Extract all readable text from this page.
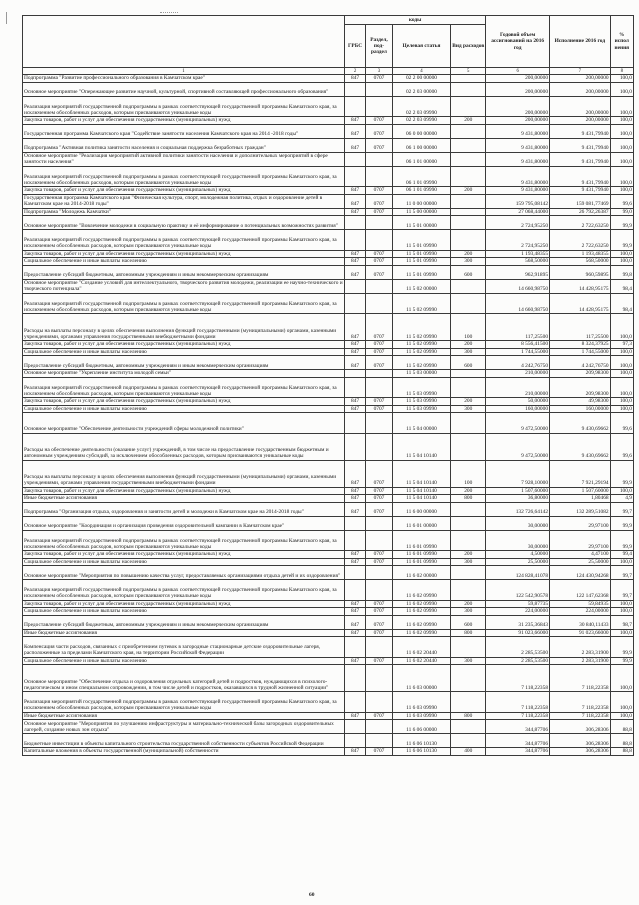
	коды				Годовой объем ассигнований на 2016 год	Исполнение 2016 год	% испол нения
	ГРБС	Раздел, под-раздел	Целевая статья	Вид расходов			
1	2	3	4	5	6	7	8
Подпрограмма "Развитие профессионального образования в Камчатском крае"	847	0707	02 2 00 00000		200,00000	200,00000	100,0
Основное мероприятие "Опережающее развитие научной, культурной, спортивной составляющей профессионального образования"			02 2 03 00000		200,00000	200,00000	100,0
Реализация мероприятий государственной подпрограммы в рамках соответствующей государственной программы Камчатского края, за исключением обособленных расходов, которым присваиваются уникальные коды			02 2 03 09990		200,00000	200,00000	100,0
Закупка товаров, работ и услуг для обеспечения государственных (муниципальных) нужд	847	0707	02 2 03 09990	200	200,00000	200,00000	100,0
Государственная программа Камчатского края "Содействие занятости населения Камчатского края на 2014 -2018 годы"	847	0707	06 0 00 00000		9 431,80000	9 431,79940	100,0
Подпрограмма "Активная политика занятости населения и социальная поддержка безработных граждан"	847	0707	06 1 00 00000		9 431,80000	9 431,79940	100,0
Основное мероприятие "Реализация мероприятий активной политики занятости населения и дополнительных мероприятий в сфере занятости населения"			06 1 01 00000		9 431,80000	9 431,79940	100,0
Реализация мероприятий государственной подпрограммы в рамках соответствующей государственной программы Камчатского края, за исключением обособленных расходов, которым присваиваются уникальные коды			06 1 01 09990		9 431,80000	9 431,79940	100,0
Закупка товаров, работ и услуг для обеспечения государственных (муниципальных) нужд	847	0707	06 1 01 09990	200	9 431,80000	9 431,79940	100,0
Государственная программа Камчатского края "Физическая культура, спорт, молодежная политика, отдых и оздоровление детей в Камчатском крае на 2014-2018 годы"	847	0707	11 0 00 00000		159 795,08142	159 081,77469	99,6
Подпрограмма "Молодежь Камчатки"	847	0707	11 5 00 00000		27 068,44000	26 792,26387	99,0
Основное мероприятие "Вовлечение молодежи в социальную практику и её информирование о потенциальных возможностях развития"			11 5 01 00000		2 724,95250	2 722,63250	99,9
Реализация мероприятий государственной подпрограммы в рамках соответствующей государственной программы Камчатского края, за исключением обособленных расходов, которым присваиваются уникальные коды			11 5 01 09990		2 724,95250	2 722,63250	99,9
Закупка товаров, работ и услуг для обеспечения государственных (муниципальных) нужд	847	0707	11 5 01 09990	200	1 193,48355	1 193,48355	100,0
Социальное обеспечение и иные выплаты населению	847	0707	11 5 01 09990	300	568,50000	568,50000	100,0
Предоставление субсидий бюджетным, автономным учреждениям и иным некоммерческим организациям	847	0707	11 5 01 09990	600	962,91895	960,59895	99,8
Основное мероприятие "Создание условий для интеллектуального, творческого развития молодежи, реализации ее научно-технического и творческого потенциала"			11 5 02 00000		14 660,98750	14 428,95175	98,4
Реализация мероприятий государственной подпрограммы в рамках соответствующей государственной программы Камчатского края, за исключением обособленных расходов, которым присваиваются уникальные коды			11 5 02 09990		14 660,98750	14 428,95175	98,4
Расходы на выплаты персоналу в целях обеспечения выполнения функций государственными (муниципальными) органами, казенными учреждениями, органами управления государственными внебюджетными фондами	847	0707	11 5 02 09990	100	117,25500	117,25500	100,0
Закупка товаров, работ и услуг для обеспечения государственных (муниципальных) нужд	847	0707	11 5 02 09990	200	8 556,41500	8 324,37925	97,3
Социальное обеспечение и иные выплаты населению	847	0707	11 5 02 09990	300	1 744,55000	1 744,55000	100,0
Предоставление субсидий бюджетным, автономным учреждениям и иным некоммерческим организациям	847	0707	11 5 02 09990	600	4 242,76750	4 242,76750	100,0
Основное мероприятие "Укрепление института молодой семьи"			11 5 03 00000		210,00000	209,98300	100,0
Реализация мероприятий государственной подпрограммы в рамках соответствующей государственной программы Камчатского края, за исключением обособленных расходов, которым присваиваются уникальные коды			11 5 03 09990		210,00000	209,98300	100,0
Закупка товаров, работ и услуг для обеспечения государственных (муниципальных) нужд	847	0707	11 5 03 09990	200	50,00000	49,98300	100,0
Социальное обеспечение и иные выплаты населению	847	0707	11 5 03 09990	300	160,00000	160,00000	100,0
Основное мероприятие "Обеспечение деятельности учреждений сферы молодежной политики"			11 5 04 00000		9 472,50000	9 430,69662	99,6
Расходы на обеспечение деятельности (оказание услуг) учреждений, в том числе на предоставление государственным бюджетным и автономным учреждениям субсидий, за исключением обособленных расходов, которым присваиваются уникальные коды			11 5 04 10140		9 472,50000	9 430,69662	99,6
Расходы на выплаты персоналу в целях обеспечения выполнения функций государственными (муниципальными) органами, казенными учреждениями, органами управления государственными внебюджетными фондами	847	0707	11 5 04 10140	100	7 928,10000	7 921,29194	99,9
Закупка товаров, работ и услуг для обеспечения государственных (муниципальных) нужд	847	0707	11 5 04 10140	200	1 507,60000	1 507,60000	100,0
Иные бюджетные ассигнования	847	0707	11 5 04 10140	800	36,80000	1,80468	4,9
Подпрограмма "Организация отдыха, оздоровления и занятости детей и молодежи в Камчатском крае на 2014-2018 годы"	847	0707	11 6 00 00000		132 726,64142	132 289,51082	99,7
Основное мероприятие "Координация и организация проведения оздоровительной кампании в Камчатском крае"			11 6 01 00000		30,00000	29,97100	99,9
Реализация мероприятий государственной подпрограммы в рамках соответствующей государственной программы Камчатского края, за исключением обособленных расходов, которым присваиваются уникальные коды			11 6 01 09990		30,00000	29,97100	99,9
Закупка товаров, работ и услуг для обеспечения государственных (муниципальных) нужд	847	0707	11 6 01 09990	200	4,50000	4,47100	99,4
Социальное обеспечение и иные выплаты населению	847	0707	11 6 01 09990	300	25,50000	25,50000	100,0
Основное мероприятие "Мероприятия по повышению качества услуг, предоставляемых организациями отдыха детей и их оздоровления"			11 6 02 00000		124 828,41078	124 430,94268	99,7
Реализация мероприятий государственной подпрограммы в рамках соответствующей государственной программы Камчатского края, за исключением обособленных расходов, которым присваиваются уникальные коды			11 6 02 09990		122 542,90578	122 147,62368	99,7
Закупка товаров, работ и услуг для обеспечения государственных (муниципальных) нужд	847	0707	11 6 02 09990	200	59,87735	59,84935	100,0
Социальное обеспечение и иные выплаты населению	847	0707	11 6 02 09990	300	224,00000	224,00000	100,0
Предоставление субсидий бюджетным, автономным учреждениям и иным некоммерческим организациям	847	0707	11 6 02 09990	600	31 235,36843	30 840,11433	98,7
Иные бюджетные ассигнования	847	0707	11 6 02 09990	800	91 023,66000	91 023,66000	100,0
Компенсация части расходов, связанных с приобретением путевок в загородные стационарные детские оздоровительные лагеря, расположенные за пределами Камчатского края, на территории Российской Федерации			11 6 02 20440		2 285,53500	2 283,31900	99,9
Социальное обеспечение и иные выплаты населению	847	0707	11 6 02 20440	300	2 285,53500	2 283,31900	99,9
Основное мероприятие "Обеспечение отдыха и оздоровления отдельных категорий детей и подростков, нуждающихся в психолого-педагогическом и ином специальном сопровождении, в том числе детей и подростков, оказавшихся в трудной жизненной ситуации"			11 6 03 00000		7 118,22358	7 118,22358	100,0
Реализация мероприятий государственной подпрограммы в рамках соответствующей государственной программы Камчатского края, за исключением обособленных расходов, которым присваиваются уникальные коды			11 6 03 09990		7 118,22358	7 118,22358	100,0
Иные бюджетные ассигнования	847	0707	11 6 03 09990	800	7 118,22358	7 118,22358	100,0
Основное мероприятие "Мероприятия по улучшению инфраструктуры и материально-технической базы загородных оздоровительных лагерей, создание новых зон отдыха"			11 6 06 00000		344,87706	306,28306	88,8
Бюджетные инвестиции в объекты капитального строительства государственной собственности субъектов Российской Федерации			11 6 06 10130		344,87706	306,28306	88,8
Капитальные вложения в объекты государственной (муниципальной) собственности	847	0707	11 6 06 10130	400	344,87706	306,28306	88,8
60
